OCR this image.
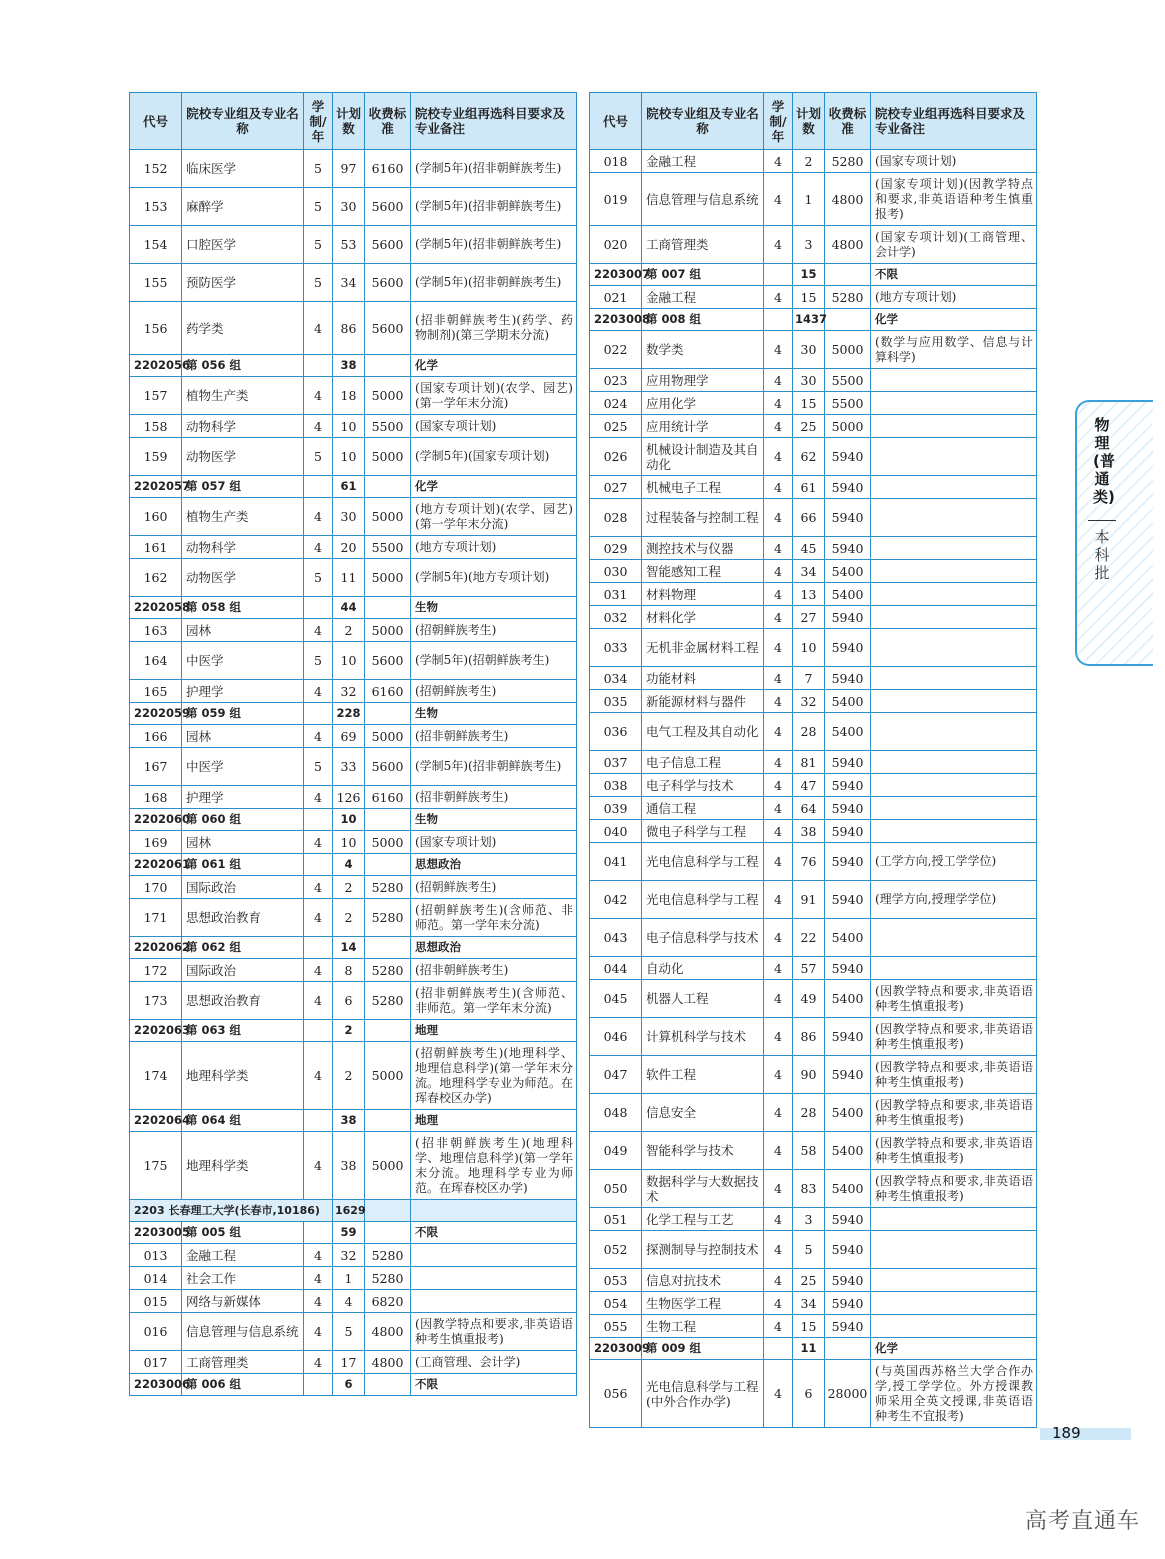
代号	院校专业组及专业名称	学制/年	计划数	收费标准	院校专业组再选科目要求及专业备注
152	临床医学	5	97	6160	(学制5年)(招非朝鲜族考生)
153	麻醉学	5	30	5600	(学制5年)(招非朝鲜族考生)
154	口腔医学	5	53	5600	(学制5年)(招非朝鲜族考生)
155	预防医学	5	34	5600	(学制5年)(招非朝鲜族考生)
156	药学类	4	86	5600	(招非朝鲜族考生)(药学、药物制剂)(第三学期末分流)
2202056	第 056 组		38		化学
157	植物生产类	4	18	5000	(国家专项计划)(农学、园艺)(第一学年末分流)
158	动物科学	4	10	5500	(国家专项计划)
159	动物医学	5	10	5000	(学制5年)(国家专项计划)
2202057	第 057 组		61		化学
160	植物生产类	4	30	5000	(地方专项计划)(农学、园艺)(第一学年末分流)
161	动物科学	4	20	5500	(地方专项计划)
162	动物医学	5	11	5000	(学制5年)(地方专项计划)
2202058	第 058 组		44		生物
163	园林	4	2	5000	(招朝鲜族考生)
164	中医学	5	10	5600	(学制5年)(招朝鲜族考生)
165	护理学	4	32	6160	(招朝鲜族考生)
2202059	第 059 组		228		生物
166	园林	4	69	5000	(招非朝鲜族考生)
167	中医学	5	33	5600	(学制5年)(招非朝鲜族考生)
168	护理学	4	126	6160	(招非朝鲜族考生)
2202060	第 060 组		10		生物
169	园林	4	10	5000	(国家专项计划)
2202061	第 061 组		4		思想政治
170	国际政治	4	2	5280	(招朝鲜族考生)
171	思想政治教育	4	2	5280	(招朝鲜族考生)(含师范、非师范。第一学年末分流)
2202062	第 062 组		14		思想政治
172	国际政治	4	8	5280	(招非朝鲜族考生)
173	思想政治教育	4	6	5280	(招非朝鲜族考生)(含师范、非师范。第一学年末分流)
2202063	第 063 组		2		地理
174	地理科学类	4	2	5000	(招朝鲜族考生)(地理科学、地理信息科学)(第一学年末分流。地理科学专业为师范。在珲春校区办学)
2202064	第 064 组		38		地理
175	地理科学类	4	38	5000	(招非朝鲜族考生)(地理科学、地理信息科学)(第一学年末分流。地理科学专业为师范。在珲春校区办学)
2203 长春理工大学(长春市,10186)			1629		
2203005	第 005 组		59		不限
013	金融工程	4	32	5280	
014	社会工作	4	1	5280	
015	网络与新媒体	4	4	6820	
016	信息管理与信息系统	4	5	4800	(因教学特点和要求,非英语语种考生慎重报考)
017	工商管理类	4	17	4800	(工商管理、会计学)
2203006	第 006 组		6		不限
代号	院校专业组及专业名称	学制/年	计划数	收费标准	院校专业组再选科目要求及专业备注
018	金融工程	4	2	5280	(国家专项计划)
019	信息管理与信息系统	4	1	4800	(国家专项计划)(因教学特点和要求,非英语语种考生慎重报考)
020	工商管理类	4	3	4800	(国家专项计划)(工商管理、会计学)
2203007	第 007 组		15		不限
021	金融工程	4	15	5280	(地方专项计划)
2203008	第 008 组		1437		化学
022	数学类	4	30	5000	(数学与应用数学、信息与计算科学)
023	应用物理学	4	30	5500	
024	应用化学	4	15	5500	
025	应用统计学	4	25	5000	
026	机械设计制造及其自动化	4	62	5940	
027	机械电子工程	4	61	5940	
028	过程装备与控制工程	4	66	5940	
029	测控技术与仪器	4	45	5940	
030	智能感知工程	4	34	5400	
031	材料物理	4	13	5400	
032	材料化学	4	27	5940	
033	无机非金属材料工程	4	10	5940	
034	功能材料	4	7	5940	
035	新能源材料与器件	4	32	5400	
036	电气工程及其自动化	4	28	5400	
037	电子信息工程	4	81	5940	
038	电子科学与技术	4	47	5940	
039	通信工程	4	64	5940	
040	微电子科学与工程	4	38	5940	
041	光电信息科学与工程	4	76	5940	(工学方向,授工学学位)
042	光电信息科学与工程	4	91	5940	(理学方向,授理学学位)
043	电子信息科学与技术	4	22	5400	
044	自动化	4	57	5940	
045	机器人工程	4	49	5400	(因教学特点和要求,非英语语种考生慎重报考)
046	计算机科学与技术	4	86	5940	(因教学特点和要求,非英语语种考生慎重报考)
047	软件工程	4	90	5940	(因教学特点和要求,非英语语种考生慎重报考)
048	信息安全	4	28	5400	(因教学特点和要求,非英语语种考生慎重报考)
049	智能科学与技术	4	58	5400	(因教学特点和要求,非英语语种考生慎重报考)
050	数据科学与大数据技术	4	83	5400	(因教学特点和要求,非英语语种考生慎重报考)
051	化学工程与工艺	4	3	5940	
052	探测制导与控制技术	4	5	5940	
053	信息对抗技术	4	25	5940	
054	生物医学工程	4	34	5940	
055	生物工程	4	15	5940	
2203009	第 009 组		11		化学
056	光电信息科学与工程(中外合作办学)	4	6	28000	(与英国西苏格兰大学合作办学,授工学学位。外方授课教师采用全英文授课,非英语语种考生不宜报考)
物理(普通类)
本科批
189
高考直通车
